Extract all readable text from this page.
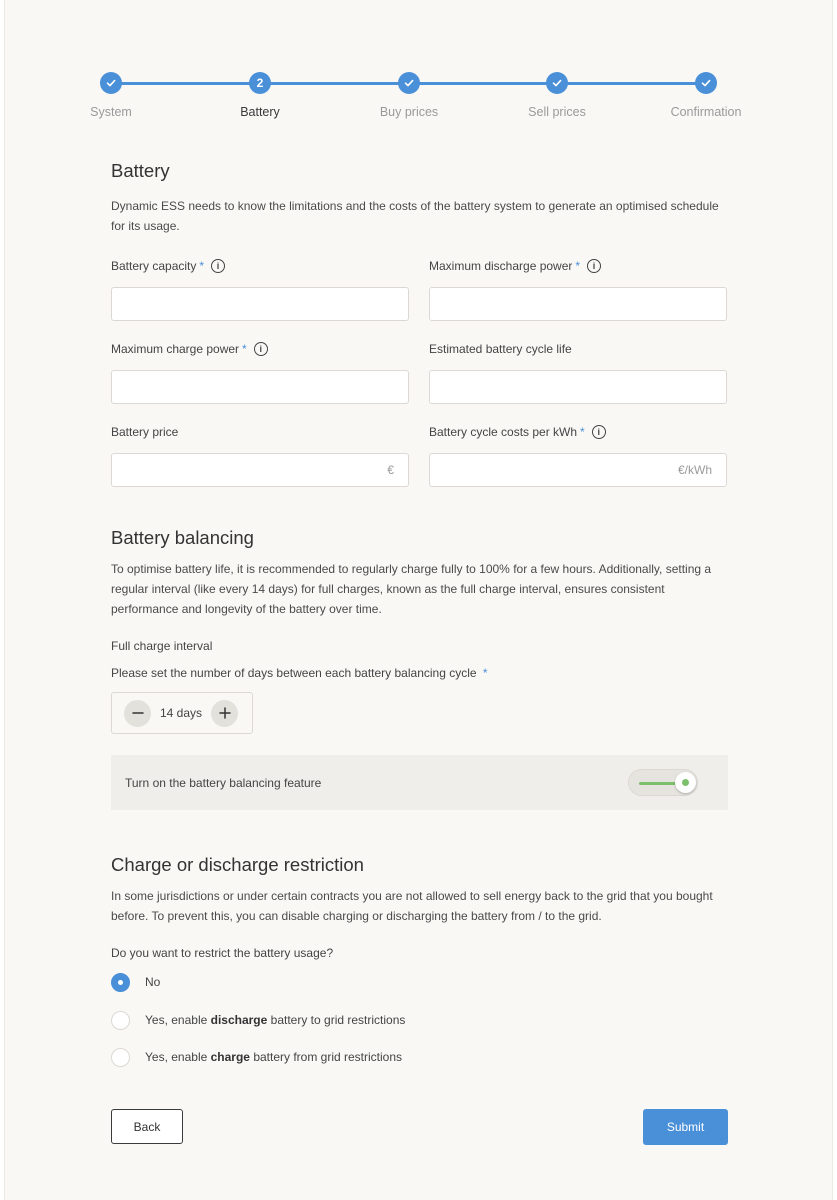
System
2
Battery	Buy prices	Sell prices	Confirmation
Battery

Dynamic ESS needs to know the limitations and the costs of the battery system to generate an optimised schedule for its usage.

Battery capacity *	i	Maximum discharge power *	i
Maximum charge power *	i	Estimated battery cycle life
Battery price
€
Battery cycle costs per kWh *	i
€/kWh
Battery balancing

To optimise battery life, it is recommended to regularly charge fully to 100% for a few hours. Additionally, setting a regular interval (like every 14 days) for full charges, known as the full charge interval, ensures consistent performance and longevity of the battery over time.

Full charge interval
Please set the number of days between each battery balancing cycle *
14 days
Turn on the battery balancing feature
Charge or discharge restriction

In some jurisdictions or under certain contracts you are not allowed to sell energy back to the grid that you bought before. To prevent this, you can disable charging or discharging the battery from / to the grid.

Do you want to restrict the battery usage?
No
Yes, enable discharge battery to grid restrictions
Yes, enable charge battery from grid restrictions
Back	Submit
